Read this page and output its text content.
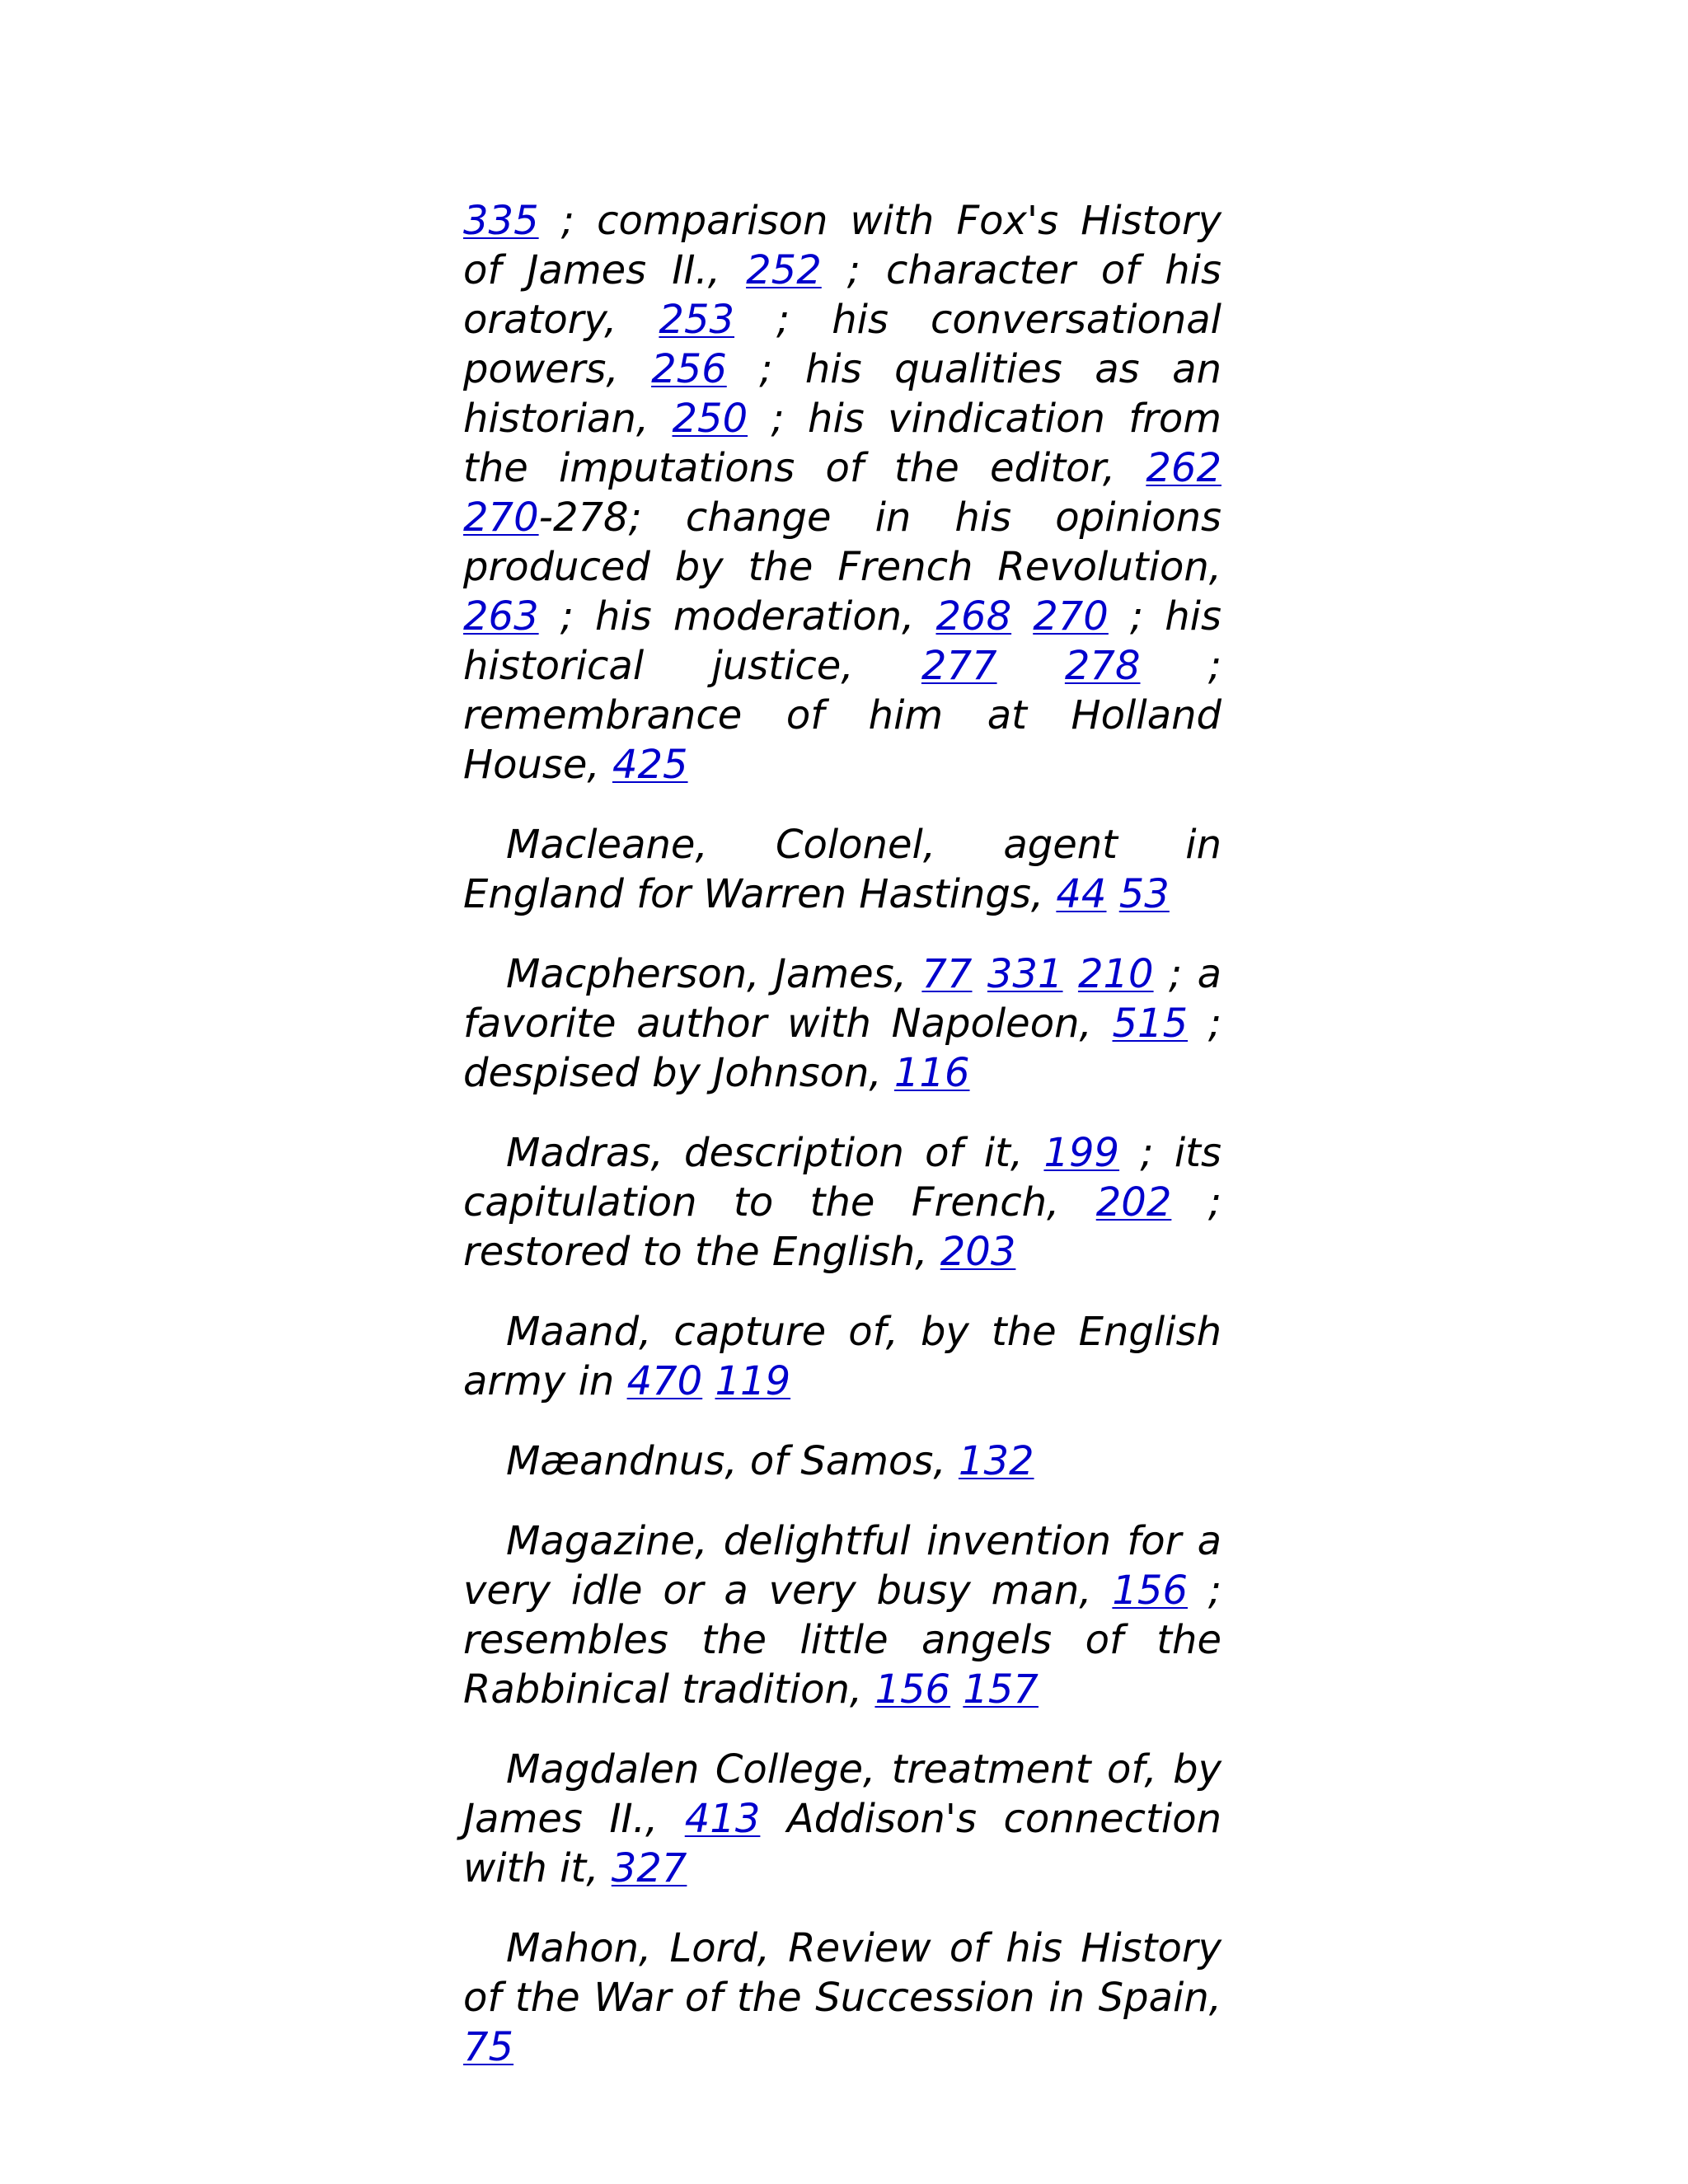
335 ; comparison with Fox's History of James II., 252 ; character of his oratory, 253 ; his conversational powers, 256 ; his qualities as an historian, 250 ; his vindication from the imputations of the editor, 262 270-278; change in his opinions produced by the French Revolution, 263 ; his moderation, 268 270 ; his historical justice, 277 278 ; remembrance of him at Holland House, 425

Macleane, Colonel, agent in England for Warren Hastings, 44 53

Macpherson, James, 77 331 210 ; a favorite author with Napoleon, 515 ; despised by Johnson, 116

Madras, description of it, 199 ; its capitulation to the French, 202 ; restored to the English, 203

Maand, capture of, by the English army in 470 119

Mæandnus, of Samos, 132

Magazine, delightful invention for a very idle or a very busy man, 156 ; resembles the little angels of the Rabbinical tradition, 156 157

Magdalen College, treatment of, by James II., 413 Addison's connection with it, 327

Mahon, Lord, Review of his History of the War of the Succession in Spain, 75
